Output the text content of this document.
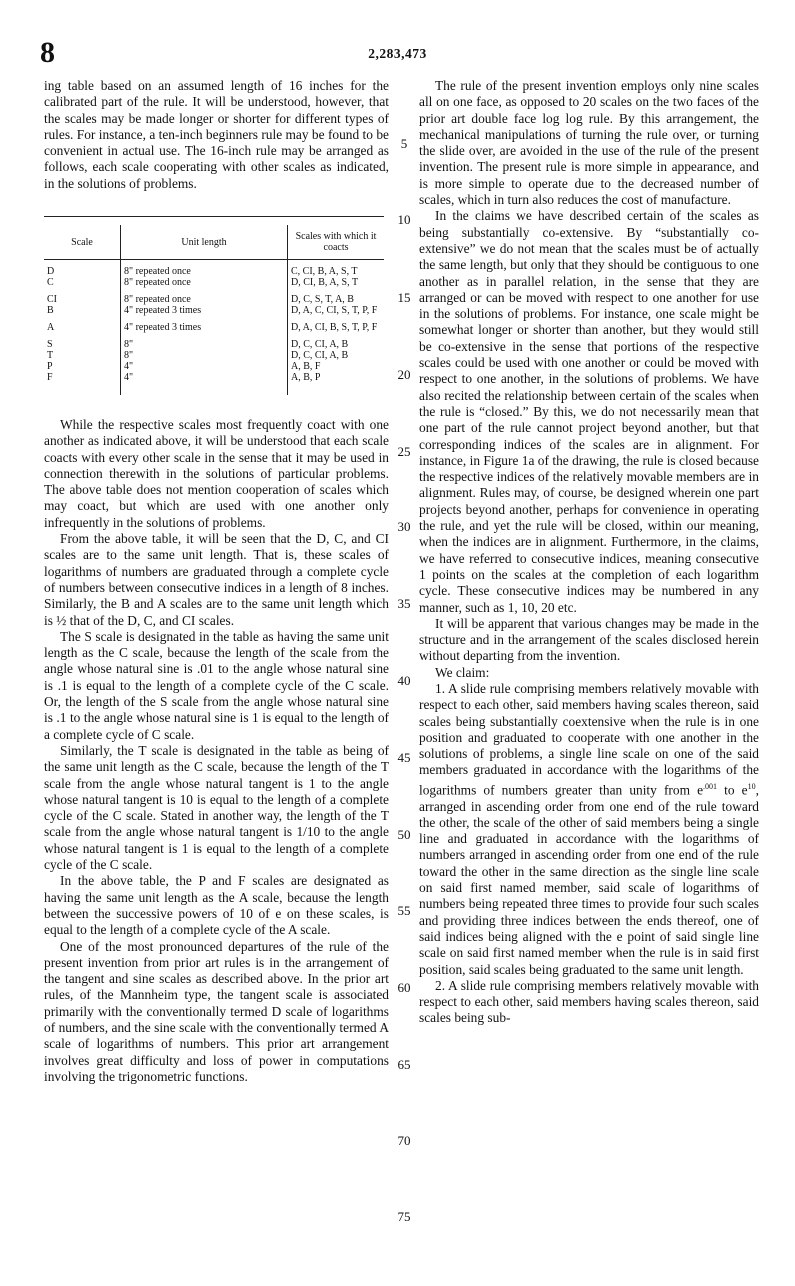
8	2,283,473

ing table based on an assumed length of 16 inches for the calibrated part of the rule. It will be understood, however, that the scales may be made longer or shorter for different types of rules. For instance, a ten-inch beginners rule may be found to be convenient in actual use. The 16-inch rule may be arranged as follows, each scale cooperating with other scales as indicated, in the solutions of problems.

Scale	Unit length	Scales with which it coacts
D	8" repeated once	C, CI, B, A, S, T
C	8" repeated once	D, CI, B, A, S, T
CI	8" repeated once	D, C, S, T, A, B
B	4" repeated 3 times	D, A, C, CI, S, T, P, F
A	4" repeated 3 times	D, A, CI, B, S, T, P, F
S	8"	D, C, CI, A, B
T	8"	D, C, CI, A, B
P	4"	A, B, F
F	4"	A, B, P

While the respective scales most frequently coact with one another as indicated above, it will be understood that each scale coacts with every other scale in the sense that it may be used in connection therewith in the solutions of particular problems. The above table does not mention cooperation of scales which may coact, but which are used with one another only infrequently in the solutions of problems.

From the above table, it will be seen that the D, C, and CI scales are to the same unit length. That is, these scales of logarithms of numbers are graduated through a complete cycle of numbers between consecutive indices in a length of 8 inches. Similarly, the B and A scales are to the same unit length which is ½ that of the D, C, and CI scales.

The S scale is designated in the table as having the same unit length as the C scale, because the length of the scale from the angle whose natural sine is .01 to the angle whose natural sine is .1 is equal to the length of a complete cycle of the C scale. Or, the length of the S scale from the angle whose natural sine is .1 to the angle whose natural sine is 1 is equal to the length of a complete cycle of C scale.

Similarly, the T scale is designated in the table as being of the same unit length as the C scale, because the length of the T scale from the angle whose natural tangent is 1 to the angle whose natural tangent is 10 is equal to the length of a complete cycle of the C scale. Stated in another way, the length of the T scale from the angle whose natural tangent is 1/10 to the angle whose natural tangent is 1 is equal to the length of a complete cycle of the C scale.

In the above table, the P and F scales are designated as having the same unit length as the A scale, because the length between the successive powers of 10 of e on these scales, is equal to the length of a complete cycle of the A scale.

One of the most pronounced departures of the rule of the present invention from prior art rules is in the arrangement of the tangent and sine scales as described above. In the prior art rules, of the Mannheim type, the tangent scale is associated primarily with the conventionally termed D scale of logarithms of numbers, and the sine scale with the conventionally termed A scale of logarithms of numbers. This prior art arrangement involves great difficulty and loss of power in computations involving the trigonometric functions.

5
10
15
20
25
30
35
40
45
50
55
60
65
70
75

The rule of the present invention employs only nine scales all on one face, as opposed to 20 scales on the two faces of the prior art double face log log rule. By this arrangement, the mechanical manipulations of turning the rule over, or turning the slide over, are avoided in the use of the rule of the present invention. The present rule is more simple in appearance, and is more simple to operate due to the decreased number of scales, which in turn also reduces the cost of manufacture.

In the claims we have described certain of the scales as being substantially co-extensive. By “substantially co-extensive” we do not mean that the scales must be of actually the same length, but only that they should be contiguous to one another as in parallel relation, in the sense that they are arranged or can be moved with respect to one another for use in the solutions of problems. For instance, one scale might be somewhat longer or shorter than another, but they would still be co-extensive in the sense that portions of the respective scales could be used with one another or could be moved with respect to one another, in the solutions of problems. We have also recited the relationship between certain of the scales when the rule is “closed.” By this, we do not necessarily mean that one part of the rule cannot project beyond another, but that corresponding indices of the scales are in alignment. For instance, in Figure 1a of the drawing, the rule is closed because the respective indices of the relatively movable members are in alignment. Rules may, of course, be designed wherein one part projects beyond another, perhaps for convenience in operating the rule, and yet the rule will be closed, within our meaning, when the indices are in alignment. Furthermore, in the claims, we have referred to consecutive indices, meaning consecutive 1 points on the scales at the completion of each logarithm cycle. These consecutive indices may be numbered in any manner, such as 1, 10, 20 etc.

It will be apparent that various changes may be made in the structure and in the arrangement of the scales disclosed herein without departing from the invention.

We claim:

1. A slide rule comprising members relatively movable with respect to each other, said members having scales thereon, said scales being substantially coextensive when the rule is in one position and graduated to cooperate with one another in the solutions of problems, a single line scale on one of the said members graduated in accordance with the logarithms of the logarithms of numbers greater than unity from $e^{.001}$ to $e^{10}$, arranged in ascending order from one end of the rule toward the other, the scale of the other of said members being a single line and graduated in accordance with the logarithms of numbers arranged in ascending order from one end of the rule toward the other in the same direction as the single line scale on said first named member, said scale of logarithms of numbers being repeated three times to provide four such scales and providing three indices between the ends thereof, one of said indices being aligned with the e point of said single line scale on said first named member when the rule is in said first position, said scales being graduated to the same unit length.

2. A slide rule comprising members relatively movable with respect to each other, said members having scales thereon, said scales being sub-
